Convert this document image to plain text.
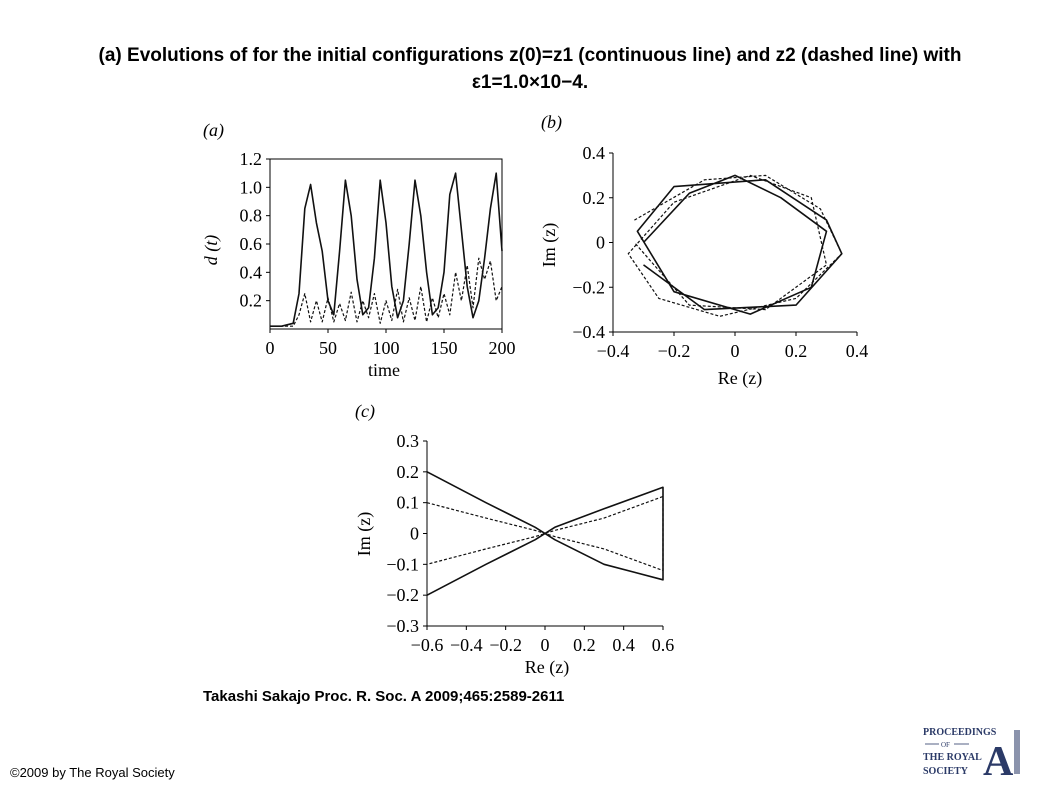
(a) Evolutions of for the initial configurations z(0)=z1 (continuous line) and z2 (dashed line) with
ε1=1.0×10−4.
(a)
0 50 100 150 200
0.2
0.4
0.6
0.8
1.0
1.2
d (t)
time
(b)
−0.4 −0.2 0	0.2 0.4
−0.4
−0.2
0
0.2
0.4
Im (z)
Re (z)
(c)
−0.6 −0.4 −0.2 0 0.2 0.4 0.6
−0.3
−0.2
−0.1
0
0.1
0.2
0.3
Im (z)
Re (z)
Takashi Sakajo Proc. R. Soc. A 2009;465:2589-2611
©2009 by The Royal Society
PROCEEDINGS
OF
THE ROYAL
SOCIETY A
